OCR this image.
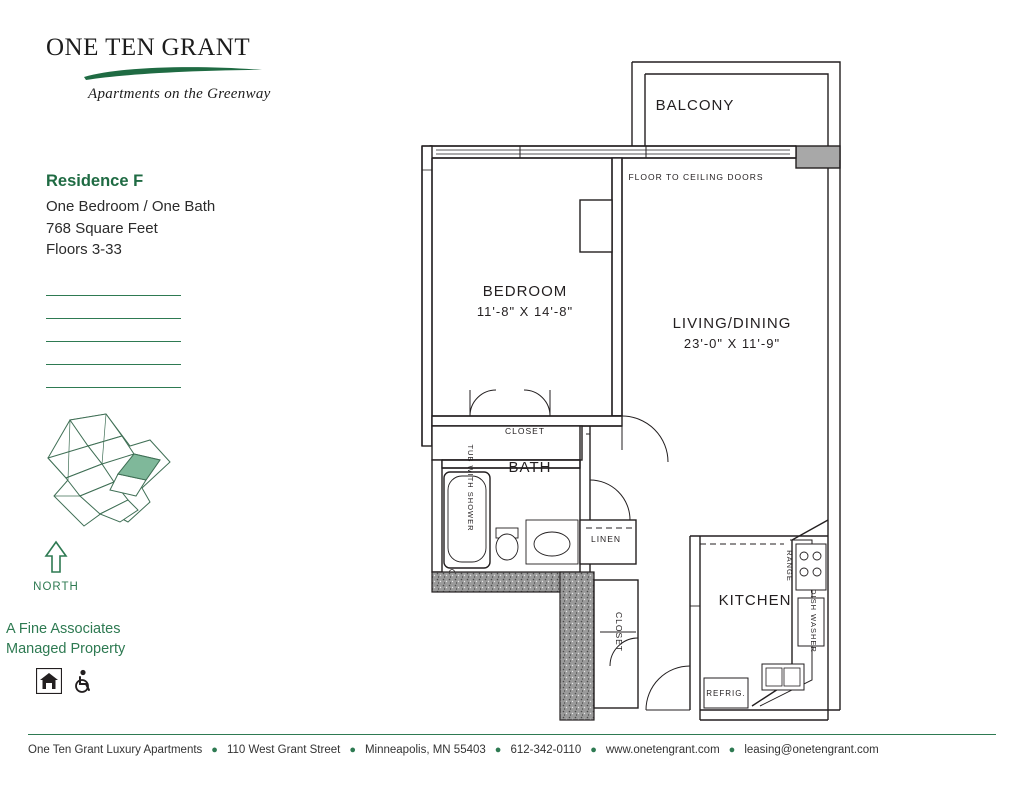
ONE TEN GRANT
Apartments on the Greenway
Residence F
One Bedroom / One Bath
768 Square Feet
Floors 3-33
NORTH
A Fine Associates
Managed Property
BALCONY
FLOOR TO CEILING DOORS
BEDROOM
11'-8" X 14'-8"
LIVING/DINING
23'-0" X 11'-9"
CLOSET
BATH
TUB WITH SHOWER
LINEN
CLOSET
KITCHEN
RANGE
DISH WASHER
REFRIG.
One Ten Grant Luxury Apartments ● 110 West Grant Street ● Minneapolis, MN 55403 ● 612-342-0110 ● www.onetengrant.com ● leasing@onetengrant.com
